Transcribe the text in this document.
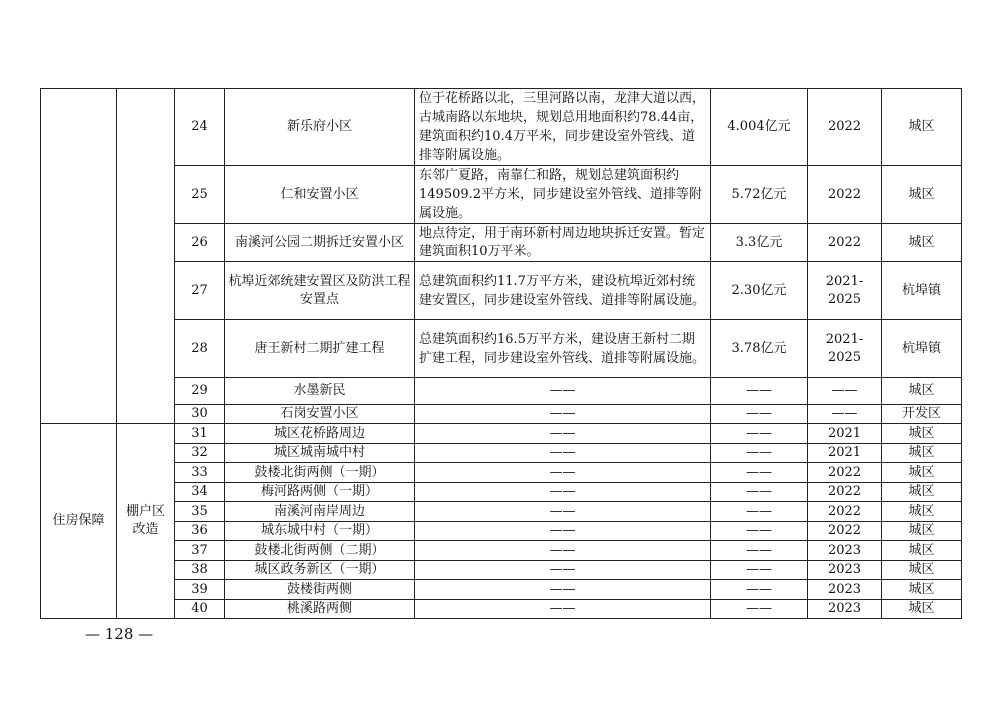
		24	新乐府小区	位于花桥路以北，三里河路以南，龙津大道以西，古城南路以东地块，规划总用地面积约78.44亩，建筑面积约10.4万平米，同步建设室外管线、道排等附属设施。	4.004亿元	2022	城区
		25	仁和安置小区	东邻广夏路，南靠仁和路，规划总建筑面积约149509.2平方米，同步建设室外管线、道排等附属设施。	5.72亿元	2022	城区
		26	南溪河公园二期拆迁安置小区	地点待定，用于南环新村周边地块拆迁安置。暂定建筑面积10万平米。	3.3亿元	2022	城区
		27	杭埠近郊统建安置区及防洪工程安置点	总建筑面积约11.7万平方米，建设杭埠近郊村统建安置区，同步建设室外管线、道排等附属设施。	2.30亿元	2021-2025	杭埠镇
		28	唐王新村二期扩建工程	总建筑面积约16.5万平方米，建设唐王新村二期扩建工程，同步建设室外管线、道排等附属设施。	3.78亿元	2021-2025	杭埠镇
		29	水墨新民	——	——	——	城区
		30	石岗安置小区	——	——	——	开发区
住房保障	棚户区改造	31	城区花桥路周边	——	——	2021	城区
		32	城区城南城中村	——	——	2021	城区
		33	鼓楼北街两侧（一期）	——	——	2022	城区
		34	梅河路两侧（一期）	——	——	2022	城区
		35	南溪河南岸周边	——	——	2022	城区
		36	城东城中村（一期）	——	——	2022	城区
		37	鼓楼北街两侧（二期）	——	——	2023	城区
		38	城区政务新区（一期）	——	——	2023	城区
		39	鼓楼街两侧	——	——	2023	城区
		40	桃溪路两侧	——	——	2023	城区
— 128 —
